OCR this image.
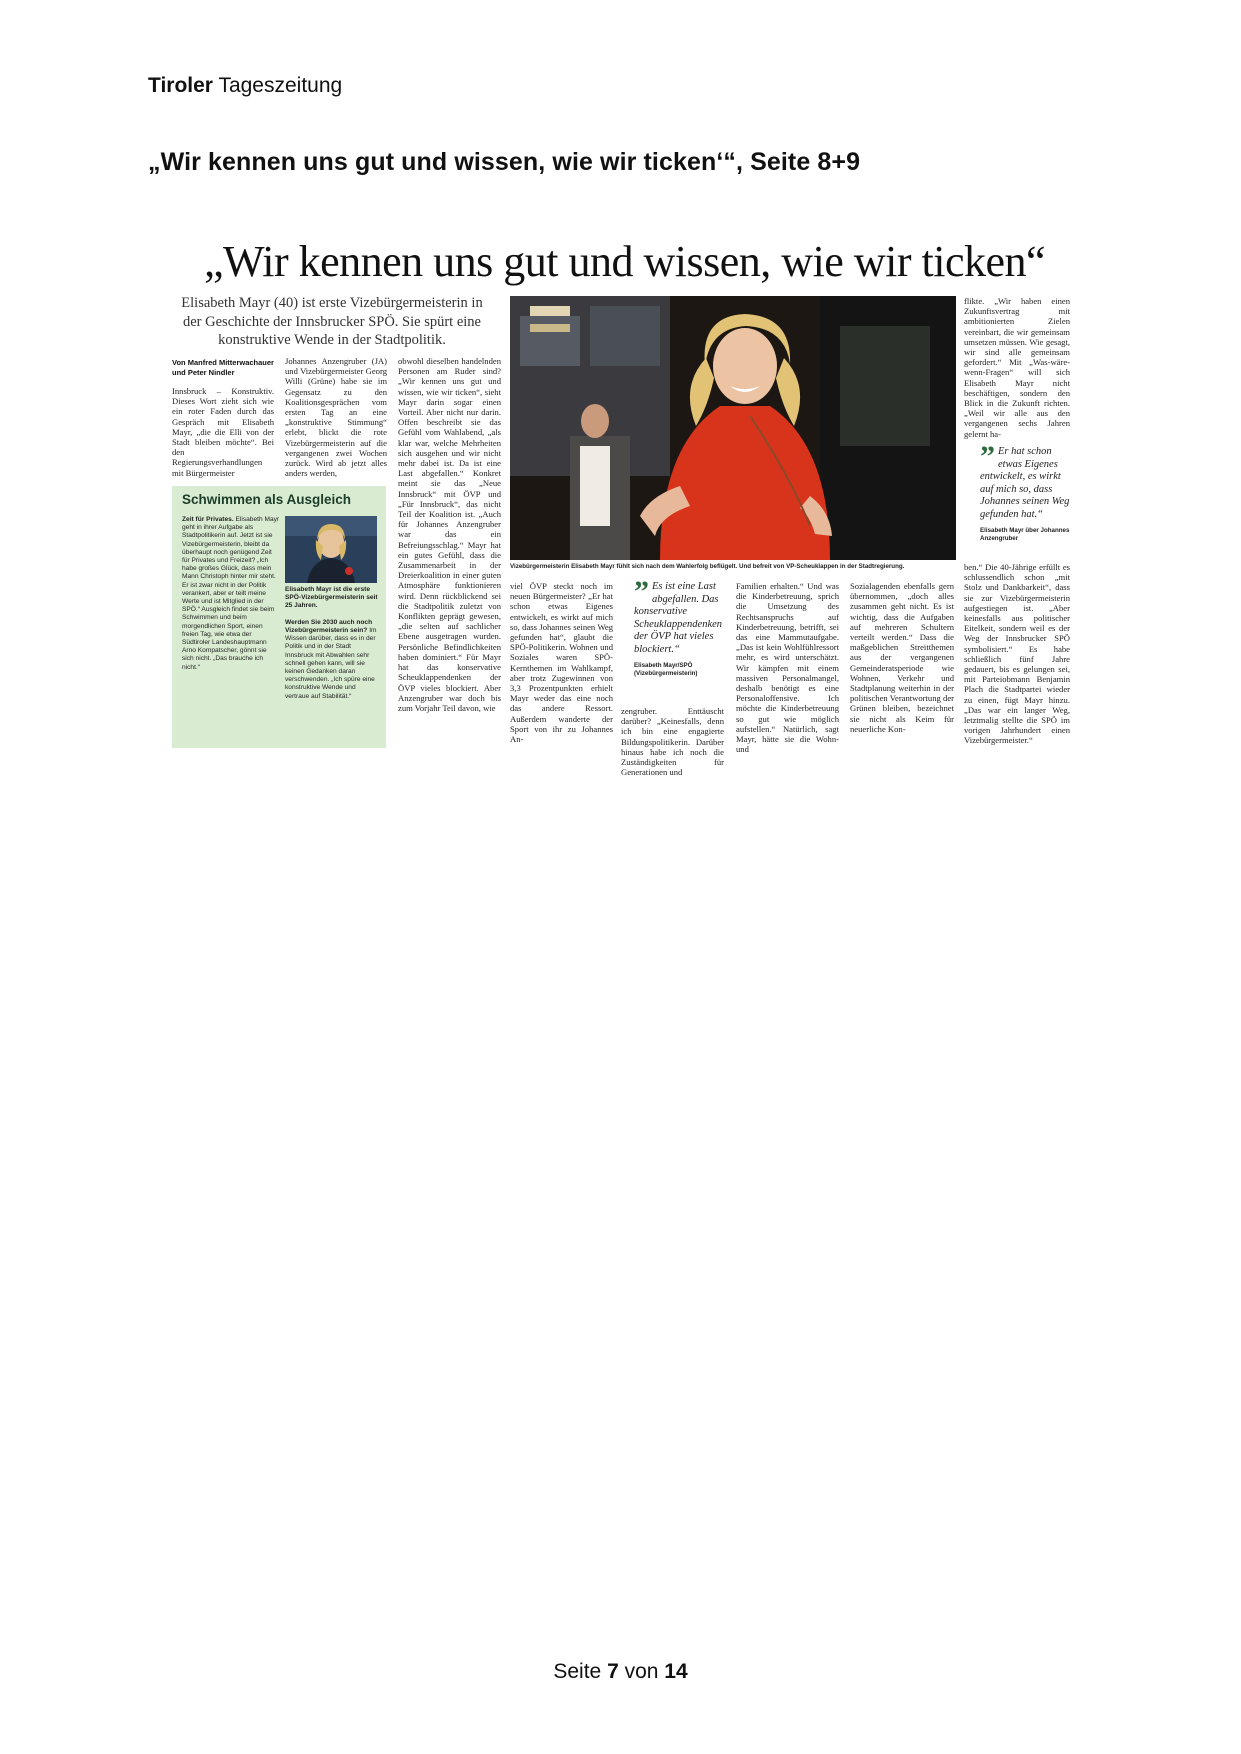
Tiroler Tageszeitung
„Wir kennen uns gut und wissen, wie wir ticken‘“, Seite 8+9
„Wir kennen uns gut und wissen, wie wir ticken“
Elisabeth Mayr (40) ist erste Vizebürgermeisterin in der Geschichte der Innsbrucker SPÖ. Sie spürt eine konstruktive Wende in der Stadtpolitik.
Von Manfred Mitterwachauer und Peter Nindler

Innsbruck – Konstruktiv. Dieses Wort zieht sich wie ein roter Faden durch das Gespräch mit Elisabeth Mayr, „die die Elli von der Stadt bleiben möchte“. Bei den Regierungsverhandlungen mit Bürgermeister

Johannes Anzengruber (JA) und Vizebürgermeister Georg Willi (Grüne) habe sie im Gegensatz zu den Koalitionsgesprächen vom ersten Tag an eine „konstruktive Stimmung“ erlebt, blickt die rote Vizebürgermeisterin auf die vergangenen zwei Wochen zurück. Wird ab jetzt alles anders werden,

obwohl dieselben handelnden Personen am Ruder sind? „Wir kennen uns gut und wissen, wie wir ticken“, sieht Mayr darin sogar einen Vorteil. Aber nicht nur darin. Offen beschreibt sie das Gefühl vom Wahlabend, „als klar war, welche Mehrheiten sich ausgehen und wir nicht mehr dabei ist. Da ist eine Last abgefallen.“ Konkret meint sie das „Neue Innsbruck“ mit ÖVP und „Für Innsbruck“, das nicht Teil der Koalition ist. „Auch für Johannes Anzengruber war das ein Befreiungsschlag.“ Mayr hat ein gutes Gefühl, dass die Zusammenarbeit in der Dreierkoalition in einer guten Atmosphäre funktionieren wird. Denn rückblickend sei die Stadtpolitik zuletzt von Konflikten geprägt gewesen, „die selten auf sachlicher Ebene ausgetragen wurden. Persönliche Befindlichkeiten haben dominiert.“ Für Mayr hat das konservative Scheuklappendenken der ÖVP vieles blockiert. Aber Anzengruber war doch bis zum Vorjahr Teil davon, wie

Schwimmen als Ausgleich
Zeit für Privates. Elisabeth Mayr geht in ihrer Aufgabe als Stadtpolitikerin auf. Jetzt ist sie Vizebürgermeisterin, bleibt da überhaupt noch genügend Zeit für Privates und Freizeit? „Ich habe großes Glück, dass mein Mann Christoph hinter mir steht. Er ist zwar nicht in der Politik verankert, aber er teilt meine Werte und ist Mitglied in der SPÖ.“ Ausgleich findet sie beim Schwimmen und beim morgendlichen Sport, einen freien Tag, wie etwa der Südtiroler Landeshauptmann Arno Kompatscher, gönnt sie sich nicht. „Das brauche ich nicht.“
Elisabeth Mayr ist die erste SPÖ-Vizebürgermeisterin seit 25 Jahren.

Werden Sie 2030 auch noch Vizebürgermeisterin sein? Im Wissen darüber, dass es in der Politik und in der Stadt Innsbruck mit Abwahlen sehr schnell gehen kann, will sie keinen Gedanken daran verschwenden. „Ich spüre eine konstruktive Wende und vertraue auf Stabilität.“
Vizebürgermeisterin Elisabeth Mayr fühlt sich nach dem Wahlerfolg beflügelt. Und befreit von VP-Scheuklappen in der Stadtregierung.

viel ÖVP steckt noch im neuen Bürgermeister? „Er hat schon etwas Eigenes entwickelt, es wirkt auf mich so, dass Johannes seinen Weg gefunden hat“, glaubt die SPÖ-Politikerin. Wohnen und Soziales waren SPÖ-Kernthemen im Wahlkampf, aber trotz Zugewinnen von 3,3 Prozentpunkten erhielt Mayr weder das eine noch das andere Ressort. Außerdem wanderte der Sport von ihr zu Johannes An-

” Es ist eine Last abgefallen. Das konservative Scheuklappendenken der ÖVP hat vieles blockiert.“
Elisabeth Mayr/SPÖ (Vizebürgermeisterin)

zengruber. Enttäuscht darüber? „Keinesfalls, denn ich bin eine engagierte Bildungspolitikerin. Darüber hinaus habe ich noch die Zuständigkeiten für Generationen und

Familien erhalten.“ Und was die Kinderbetreuung, sprich die Umsetzung des Rechtsanspruchs auf Kinderbetreuung, betrifft, sei das eine Mammutaufgabe. „Das ist kein Wohlfühlressort mehr, es wird unterschätzt. Wir kämpfen mit einem massiven Personalmangel, deshalb benötigt es eine Personaloffensive. Ich möchte die Kinderbetreuung so gut wie möglich aufstellen.“ Natürlich, sagt Mayr, hätte sie die Wohn- und

Sozialagenden ebenfalls gern übernommen, „doch alles zusammen geht nicht. Es ist wichtig, dass die Aufgaben auf mehreren Schultern verteilt werden.“ Dass die maßgeblichen Streitthemen aus der vergangenen Gemeinderatsperiode wie Wohnen, Verkehr und Stadtplanung weiterhin in der politischen Verantwortung der Grünen bleiben, bezeichnet sie nicht als Keim für neuerliche Kon-

flikte. „Wir haben einen Zukunftsvertrag mit ambitionierten Zielen vereinbart, die wir gemeinsam umsetzen müssen. Wie gesagt, wir sind alle gemeinsam gefordert.“ Mit „Was-wäre-wenn-Fragen“ will sich Elisabeth Mayr nicht beschäftigen, sondern den Blick in die Zukunft richten. „Weil wir alle aus den vergangenen sechs Jahren gelernt ha-

” Er hat schon etwas Eigenes entwickelt, es wirkt auf mich so, dass Johannes seinen Weg gefunden hat.“
Elisabeth Mayr über Johannes Anzengruber

ben.“ Die 40-Jährige erfüllt es schlussendlich schon „mit Stolz und Dankbarkeit“, dass sie zur Vizebürgermeisterin aufgestiegen ist. „Aber keinesfalls aus politischer Eitelkeit, sondern weil es der Weg der Innsbrucker SPÖ symbolisiert.“ Es habe schließlich fünf Jahre gedauert, bis es gelungen sei, mit Parteiobmann Benjamin Plach die Stadtpartei wieder zu einen, fügt Mayr hinzu. „Das war ein langer Weg, letztmalig stellte die SPÖ im vorigen Jahrhundert einen Vizebürgermeister.“

Seite 7 von 14
